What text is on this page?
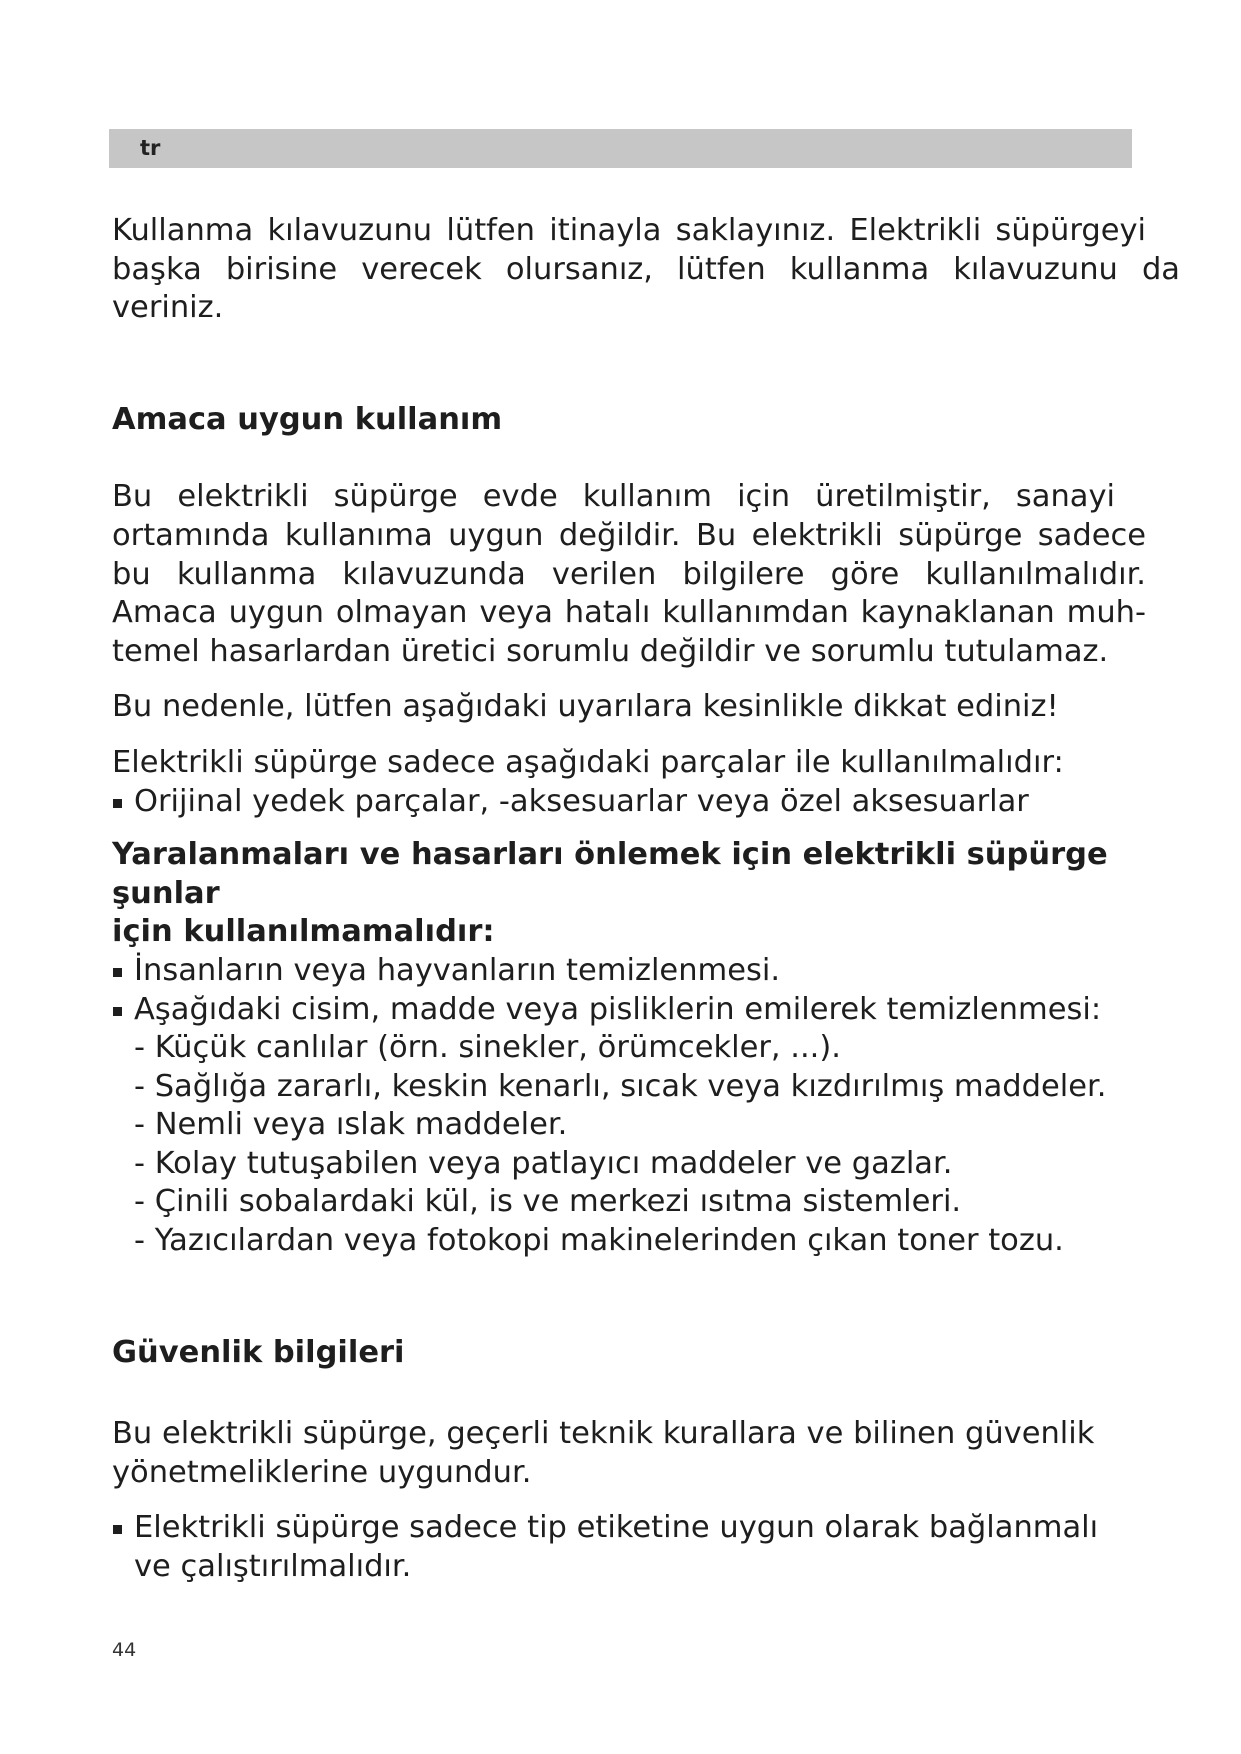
tr

Kullanma kılavuzunu lütfen itinayla saklayınız. Elektrikli süpürgeyi
başka birisine verecek olursanız, lütfen kullanma kılavuzunu da
veriniz.

Amaca uygun kullanım

Bu elektrikli süpürge evde kullanım için üretilmiştir, sanayi
ortamında kullanıma uygun değildir. Bu elektrikli süpürge sadece
bu kullanma kılavuzunda verilen bilgilere göre kullanılmalıdır.
Amaca uygun olmayan veya hatalı kullanımdan kaynaklanan muh-
temel hasarlardan üretici sorumlu değildir ve sorumlu tutulamaz.

Bu nedenle, lütfen aşağıdaki uyarılara kesinlikle dikkat ediniz!

Elektrikli süpürge sadece aşağıdaki parçalar ile kullanılmalıdır:

Orijinal yedek parçalar, -aksesuarlar veya özel aksesuarlar

Yaralanmaları ve hasarları önlemek için elektrikli süpürge şunlar
için kullanılmamalıdır:

İnsanların veya hayvanların temizlenmesi.
Aşağıdaki cisim, madde veya pisliklerin emilerek temizlenmesi:
- Küçük canlılar (örn. sinekler, örümcekler, ...).
- Sağlığa zararlı, keskin kenarlı, sıcak veya kızdırılmış maddeler.
- Nemli veya ıslak maddeler.
- Kolay tutuşabilen veya patlayıcı maddeler ve gazlar.
- Çinili sobalardaki kül, is ve merkezi ısıtma sistemleri.
- Yazıcılardan veya fotokopi makinelerinden çıkan toner tozu.
Güvenlik bilgileri

Bu elektrikli süpürge, geçerli teknik kurallara ve bilinen güvenlik
yönetmeliklerine uygundur.

Elektrikli süpürge sadece tip etiketine uygun olarak bağlanmalı
ve çalıştırılmalıdır.
44
